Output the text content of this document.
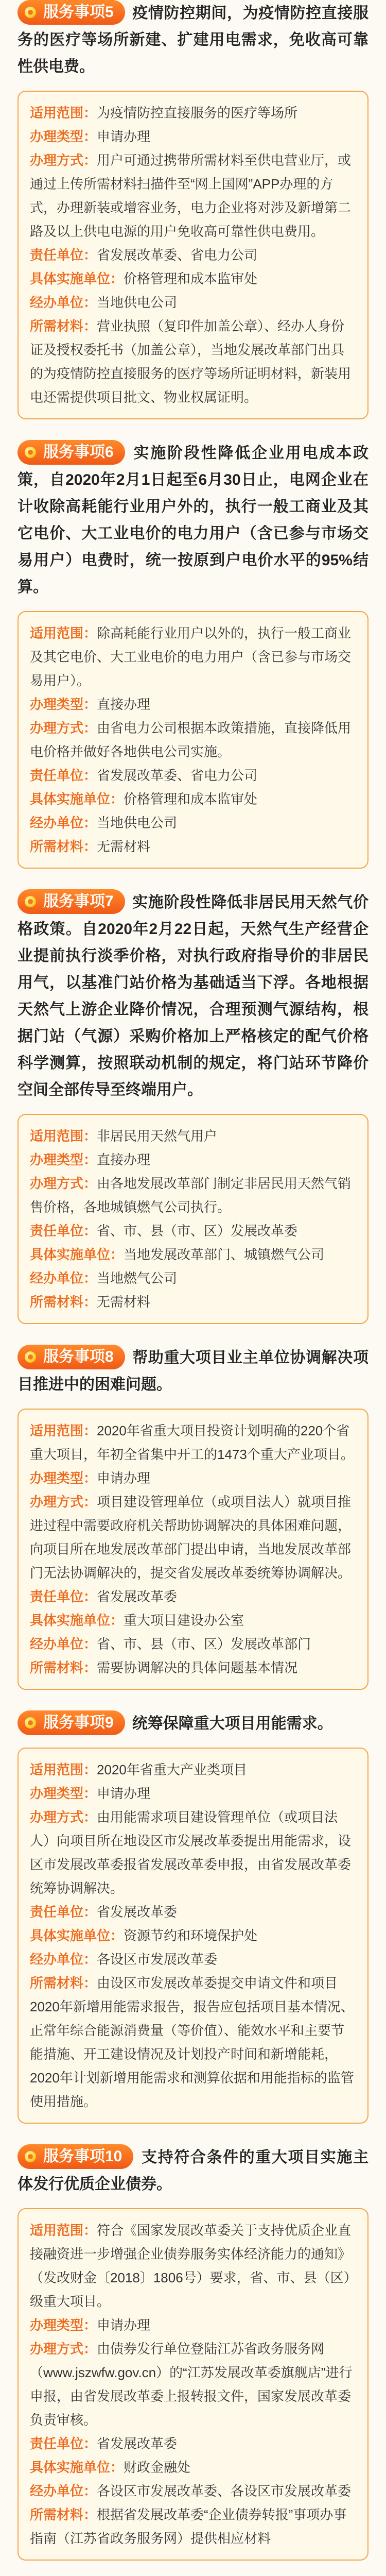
服务事项5 疫情防控期间，为疫情防控直接服务的医疗等场所新建、扩建用电需求，免收高可靠性供电费。
适用范围：为疫情防控直接服务的医疗等场所
办理类型：申请办理
办理方式：用户可通过携带所需材料至供电营业厅，或通过上传所需材料扫描件至“网上国网”APP办理的方式，办理新装或增容业务，电力企业将对涉及新增第二路及以上供电电源的用户免收高可靠性供电费用。
责任单位：省发展改革委、省电力公司
具体实施单位：价格管理和成本监审处
经办单位：当地供电公司
所需材料：营业执照（复印件加盖公章）、经办人身份证及授权委托书（加盖公章），当地发展改革部门出具的为疫情防控直接服务的医疗等场所证明材料，新装用电还需提供项目批文、物业权属证明。
服务事项6 实施阶段性降低企业用电成本政策，自2020年2月1日起至6月30日止，电网企业在计收除高耗能行业用户外的，执行一般工商业及其它电价、大工业电价的电力用户（含已参与市场交易用户）电费时，统一按原到户电价水平的95%结算。
适用范围：除高耗能行业用户以外的，执行一般工商业及其它电价、大工业电价的电力用户（含已参与市场交易用户）。
办理类型：直接办理
办理方式：由省电力公司根据本政策措施，直接降低用电价格并做好各地供电公司实施。
责任单位：省发展改革委、省电力公司
具体实施单位：价格管理和成本监审处
经办单位：当地供电公司
所需材料：无需材料
服务事项7 实施阶段性降低非居民用天然气价格政策。自2020年2月22日起，天然气生产经营企业提前执行淡季价格，对执行政府指导价的非居民用气，以基准门站价格为基础适当下浮。各地根据天然气上游企业降价情况，合理预测气源结构，根据门站（气源）采购价格加上严格核定的配气价格科学测算，按照联动机制的规定，将门站环节降价空间全部传导至终端用户。
适用范围：非居民用天然气用户
办理类型：直接办理
办理方式：由各地发展改革部门制定非居民用天然气销售价格，各地城镇燃气公司执行。
责任单位：省、市、县（市、区）发展改革委
具体实施单位：当地发展改革部门、城镇燃气公司
经办单位：当地燃气公司
所需材料：无需材料
服务事项8 帮助重大项目业主单位协调解决项目推进中的困难问题。
适用范围：2020年省重大项目投资计划明确的220个省重大项目，年初全省集中开工的1473个重大产业项目。
办理类型：申请办理
办理方式：项目建设管理单位（或项目法人）就项目推进过程中需要政府机关帮助协调解决的具体困难问题，向项目所在地发展改革部门提出申请，当地发展改革部门无法协调解决的，提交省发展改革委统筹协调解决。
责任单位：省发展改革委
具体实施单位：重大项目建设办公室
经办单位：省、市、县（市、区）发展改革部门
所需材料：需要协调解决的具体问题基本情况
服务事项9 统筹保障重大项目用能需求。
适用范围：2020年省重大产业类项目
办理类型：申请办理
办理方式：由用能需求项目建设管理单位（或项目法人）向项目所在地设区市发展改革委提出用能需求，设区市发展改革委报省发展改革委申报，由省发展改革委统筹协调解决。
责任单位：省发展改革委
具体实施单位：资源节约和环境保护处
经办单位：各设区市发展改革委
所需材料：由设区市发展改革委提交申请文件和项目2020年新增用能需求报告，报告应包括项目基本情况、正常年综合能源消费量（等价值）、能效水平和主要节能措施、开工建设情况及计划投产时间和新增能耗，2020年计划新增用能需求和测算依据和用能指标的监管使用措施。
服务事项10 支持符合条件的重大项目实施主体发行优质企业债券。
适用范围：符合《国家发展改革委关于支持优质企业直接融资进一步增强企业债券服务实体经济能力的通知》（发改财金〔2018〕1806号）要求，省、市、县（区）级重大项目。
办理类型：申请办理
办理方式：由债券发行单位登陆江苏省政务服务网（www.jszwfw.gov.cn）的“江苏发展改革委旗舰店”进行申报，由省发展改革委上报转报文件，国家发展改革委负责审核。
责任单位：省发展改革委
具体实施单位：财政金融处
经办单位：各设区市发展改革委、各设区市发展改革委
所需材料：根据省发展改革委“企业债券转报”事项办事指南（江苏省政务服务网）提供相应材料
